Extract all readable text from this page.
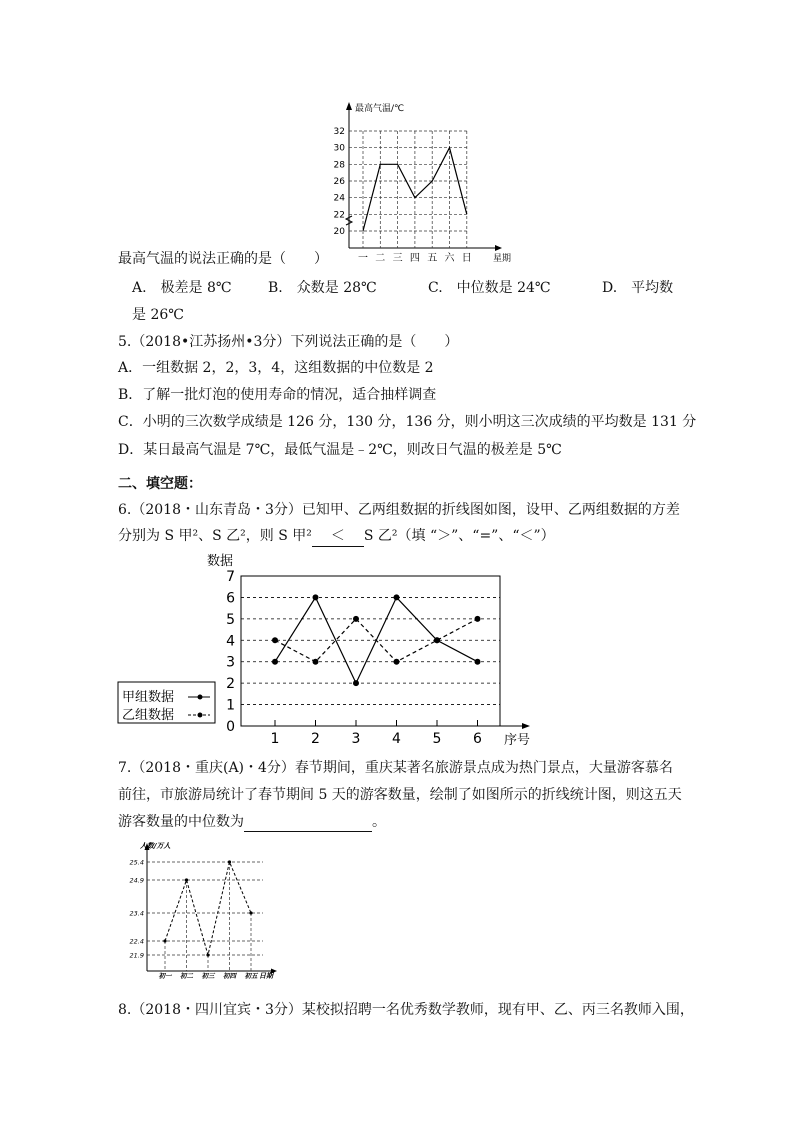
最高气温/℃
星期
20
22
24
26
28
30
32
一 二 三 四 五 六 日
最高气温的说法正确的是（　　）
A.　极差是 8℃	B.　众数是 28℃	C.　中位数是 24℃	D.　平均数
是 26℃
5.（2018•江苏扬州•3分）下列说法正确的是（　　）
A．一组数据 2，2，3，4，这组数据的中位数是 2
B．了解一批灯泡的使用寿命的情况，适合抽样调查
C．小明的三次数学成绩是 126 分，130 分，136 分，则小明这三次成绩的平均数是 131 分
D．某日最高气温是 7℃，最低气温是﹣2℃，则改日气温的极差是 5℃
二、填空题：
6.（2018・山东青岛・3分）已知甲、乙两组数据的折线图如图，设甲、乙两组数据的方差
分别为 S 甲²、S 乙²，则 S 甲² ＜ S 乙²（填 “＞”、“=”、“＜”）
数据
序号
0
1
2
3
4
5
6
7
1 2 3 4 5 6
甲组数据
乙组数据
7.（2018・重庆(A)・4分）春节期间，重庆某著名旅游景点成为热门景点，大量游客慕名
前往，市旅游局统计了春节期间 5 天的游客数量，绘制了如图所示的折线统计图，则这五天
游客数量的中位数为	。
人数/万人
日期
21.9
22.4
23.4
24.9
25.4
初一 初二 初三 初四 初五
8.（2018・四川宜宾・3分）某校拟招聘一名优秀数学教师，现有甲、乙、丙三名教师入围，
